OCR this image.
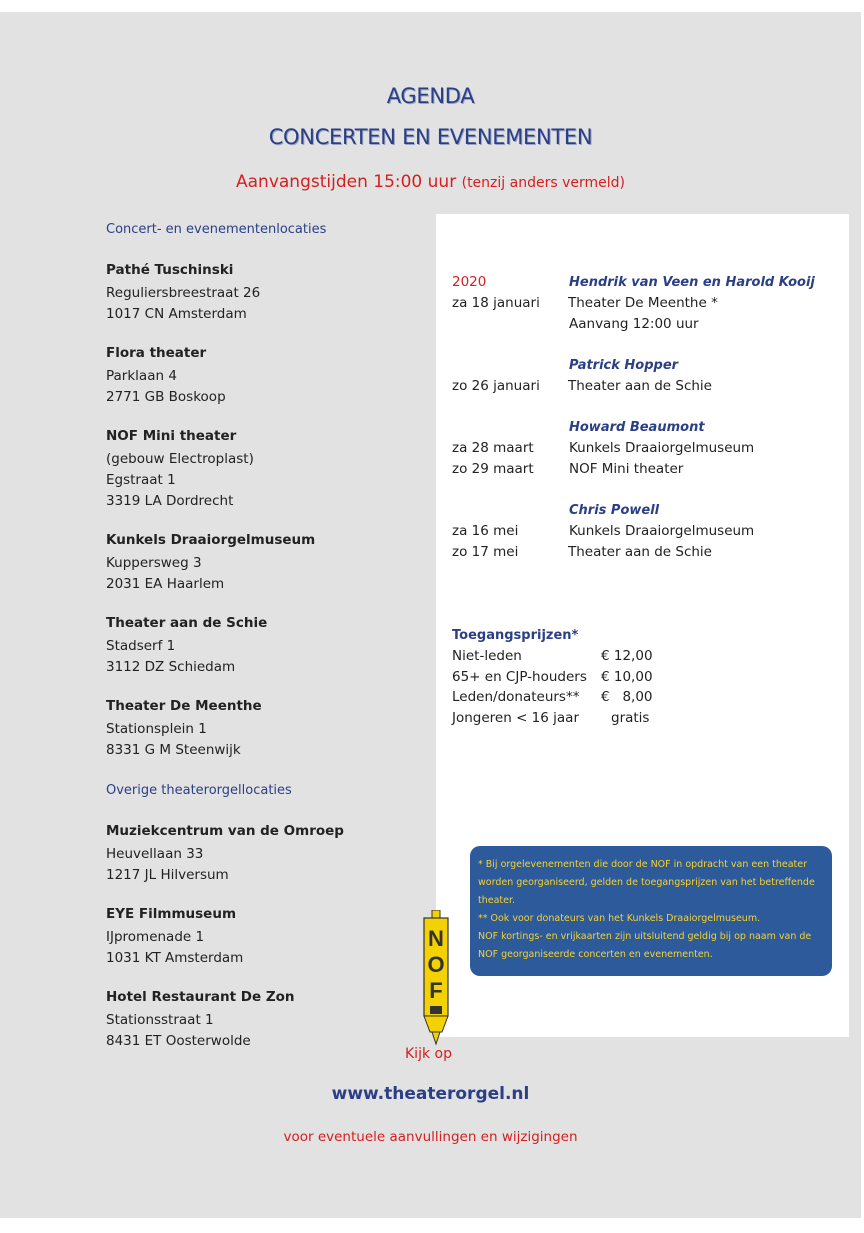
AGENDA
CONCERTEN EN EVENEMENTEN
Aanvangstijden 15:00 uur (tenzij anders vermeld)
Concert- en evenementenlocaties
Pathé Tuschinski
Reguliersbreestraat 26
1017 CN Amsterdam
Flora theater
Parklaan 4
2771 GB Boskoop
NOF Mini theater
(gebouw Electroplast)
Egstraat 1
3319 LA Dordrecht
Kunkels Draaiorgelmuseum
Kuppersweg 3
2031 EA Haarlem
Theater aan de Schie
Stadserf 1
3112 DZ Schiedam
Theater De Meenthe
Stationsplein 1
8331 G M Steenwijk
Overige theaterorgellocaties
Muziekcentrum van de Omroep
Heuvellaan 33
1217 JL Hilversum
EYE Filmmuseum
IJpromenade 1
1031 KT Amsterdam
Hotel Restaurant De Zon
Stationsstraat 1
8431 ET Oosterwolde
2020	Hendrik van Veen en Harold Kooij
za 18 januari Theater De Meenthe *
Aanvang 12:00 uur
Patrick Hopper
zo 26 januari Theater aan de Schie
Howard Beaumont
za 28 maart	Kunkels Draaiorgelmuseum
zo 29 maart	NOF Mini theater
Chris Powell
za 16 mei	Kunkels Draaiorgelmuseum
zo 17 mei	Theater aan de Schie
Toegangsprijzen*
Niet-leden	€ 12,00
65+ en CJP-houders € 10,00
Leden/donateurs** €   8,00
Jongeren < 16 jaar gratis
* Bij orgelevenementen die door de NOF in opdracht van een theater worden georganiseerd, gelden de toegangsprijzen van het betreffende theater.
** Ook voor donateurs van het Kunkels Draaiorgelmuseum.
NOF kortings- en vrijkaarten zijn uitsluitend geldig bij op naam van de NOF georganiseerde concerten en evenementen.
N
O
F
Kijk op
www.theaterorgel.nl
voor eventuele aanvullingen en wijzigingen
